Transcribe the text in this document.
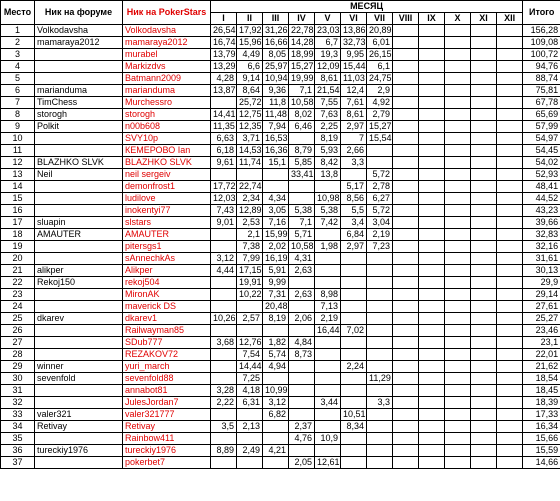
Место	Ник на форуме	Ник на PokerStars	МЕСЯЦ												Итого
			I	II	III	IV	V	VI	VII	VIII	IX	X	XI	XII	
1	Volkodavsha	Volkodavsha	26,54	17,92	31,26	22,78	23,03	13,86	20,89						156,28
2	mamaraya2012	mamaraya2012	16,74	15,96	16,66	14,28	6,7	32,73	6,01						109,08
3		murabel	13,79	4,49	8,05	18,99	19,3	9,95	26,15						100,72
4		Markizdvs	13,29	6,6	25,97	15,27	12,09	15,44	6,1						94,76
5		Batmann2009	4,28	9,14	10,94	19,99	8,61	11,03	24,75						88,74
6	marianduma	marianduma	13,87	8,64	9,36	7,1	21,54	12,4	2,9						75,81
7	TimChess	Murchessro		25,72	11,8	10,58	7,55	7,61	4,92						67,78
8	storogh	storogh	14,41	12,75	11,48	8,02	7,63	8,61	2,79						65,69
9	Polkit	n00b608	11,35	12,35	7,94	6,46	2,25	2,97	15,27						57,99
10		SVY10p	6,63	3,71	16,53		8,19	7	15,54						54,97
11		КЕМЕРОВО Ian	6,18	14,53	16,36	8,79	5,93	2,66							54,45
12	BLAZHKO SLVK	BLAZHKO SLVK	9,61	11,74	15,1	5,85	8,42	3,3							54,02
13	Neil	neil sergeiv				33,41	13,8		5,72						52,93
14		demonfrost1	17,72	22,74				5,17	2,78						48,41
15		ludilove	12,03	2,34	4,34		10,98	8,56	6,27						44,52
16		inokentyi77	7,43	12,89	3,05	5,38	5,38	5,5	5,72						43,23
17	sluapin	slstars	9,01	2,53	7,16	7,1	7,42	3,4	3,04						39,66
18	AMAUTER	AMAUTER		2,1	15,99	5,71		6,84	2,19						32,83
19		pitersgs1		7,38	2,02	10,58	1,98	2,97	7,23						32,16
20		sAnnechkAs	3,12	7,99	16,19	4,31									31,61
21	alikper	Alikper	4,44	17,15	5,91	2,63									30,13
22	Rekoj150	rekoj504		19,91	9,99										29,9
23		MironAK		10,22	7,31	2,63	8,98								29,14
24		maverick DS			20,48		7,13								27,61
25	dkarev	dkarev1	10,26	2,57	8,19	2,06	2,19								25,27
26		Railwayman85					16,44	7,02							23,46
27		SDub777	3,68	12,76	1,82	4,84									23,1
28		REZAKOV72		7,54	5,74	8,73									22,01
29	winner	yuri_march		14,44	4,94			2,24							21,62
30	sevenfold	sevenfold88		7,25					11,29						18,54
31		annabot81	3,28	4,18	10,99										18,45
32		JulesJordan7	2,22	6,31	3,12		3,44		3,3						18,39
33	valer321	valer321777			6,82			10,51							17,33
34	Retivay	Retivay	3,5	2,13		2,37		8,34							16,34
35		Rainbow411				4,76	10,9								15,66
36	tureckiy1976	tureckiy1976	8,89	2,49	4,21										15,59
37		pokerbet7				2,05	12,61								14,66
